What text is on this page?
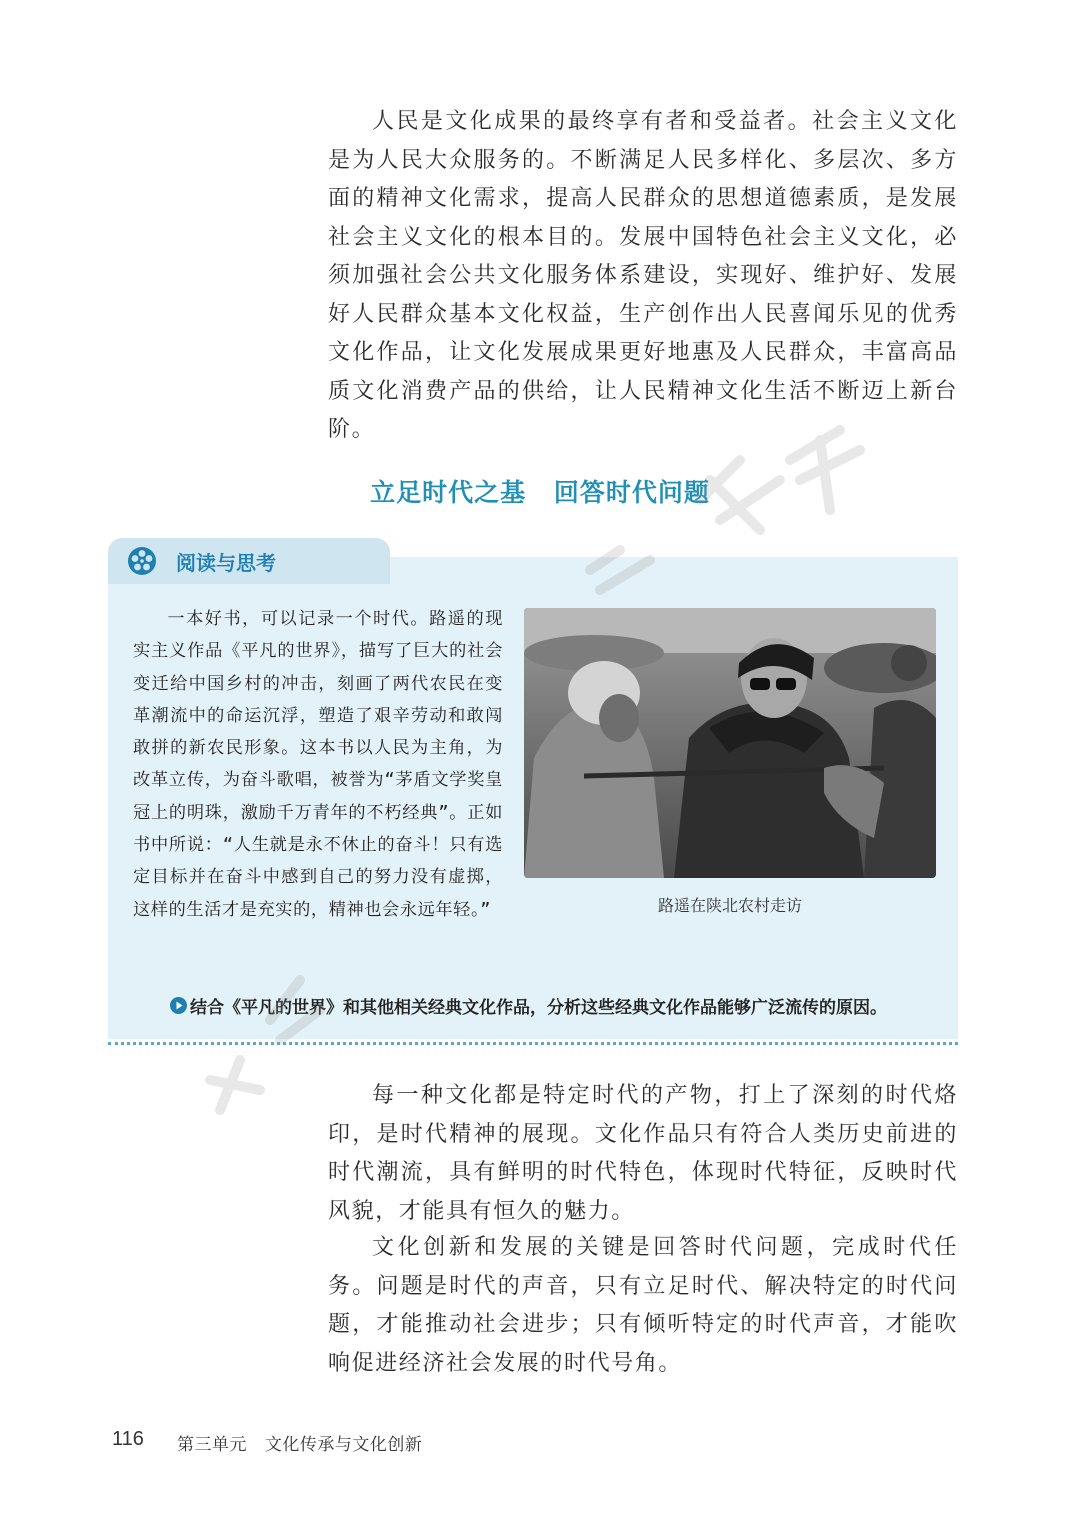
人民是文化成果的最终享有者和受益者。社会主义文化是为人民大众服务的。不断满足人民多样化、多层次、多方面的精神文化需求，提高人民群众的思想道德素质，是发展社会主义文化的根本目的。发展中国特色社会主义文化，必须加强社会公共文化服务体系建设，实现好、维护好、发展好人民群众基本文化权益，生产创作出人民喜闻乐见的优秀文化作品，让文化发展成果更好地惠及人民群众，丰富高品质文化消费产品的供给，让人民精神文化生活不断迈上新台阶。

立足时代之基 回答时代问题
阅读与思考

一本好书，可以记录一个时代。路遥的现实主义作品《平凡的世界》，描写了巨大的社会变迁给中国乡村的冲击，刻画了两代农民在变革潮流中的命运沉浮，塑造了艰辛劳动和敢闯敢拼的新农民形象。这本书以人民为主角，为改革立传，为奋斗歌唱，被誉为“茅盾文学奖皇冠上的明珠，激励千万青年的不朽经典”。正如书中所说：“人生就是永不休止的奋斗！只有选定目标并在奋斗中感到自己的努力没有虚掷，这样的生活才是充实的，精神也会永远年轻。”	路遥在陕北农村走访
结合《平凡的世界》和其他相关经典文化作品，分析这些经典文化作品能够广泛流传的原因。

每一种文化都是特定时代的产物，打上了深刻的时代烙印，是时代精神的展现。文化作品只有符合人类历史前进的时代潮流，具有鲜明的时代特色，体现时代特征，反映时代风貌，才能具有恒久的魅力。

文化创新和发展的关键是回答时代问题，完成时代任务。问题是时代的声音，只有立足时代、解决特定的时代问题，才能推动社会进步；只有倾听特定的时代声音，才能吹响促进经济社会发展的时代号角。

116 第三单元 文化传承与文化创新
